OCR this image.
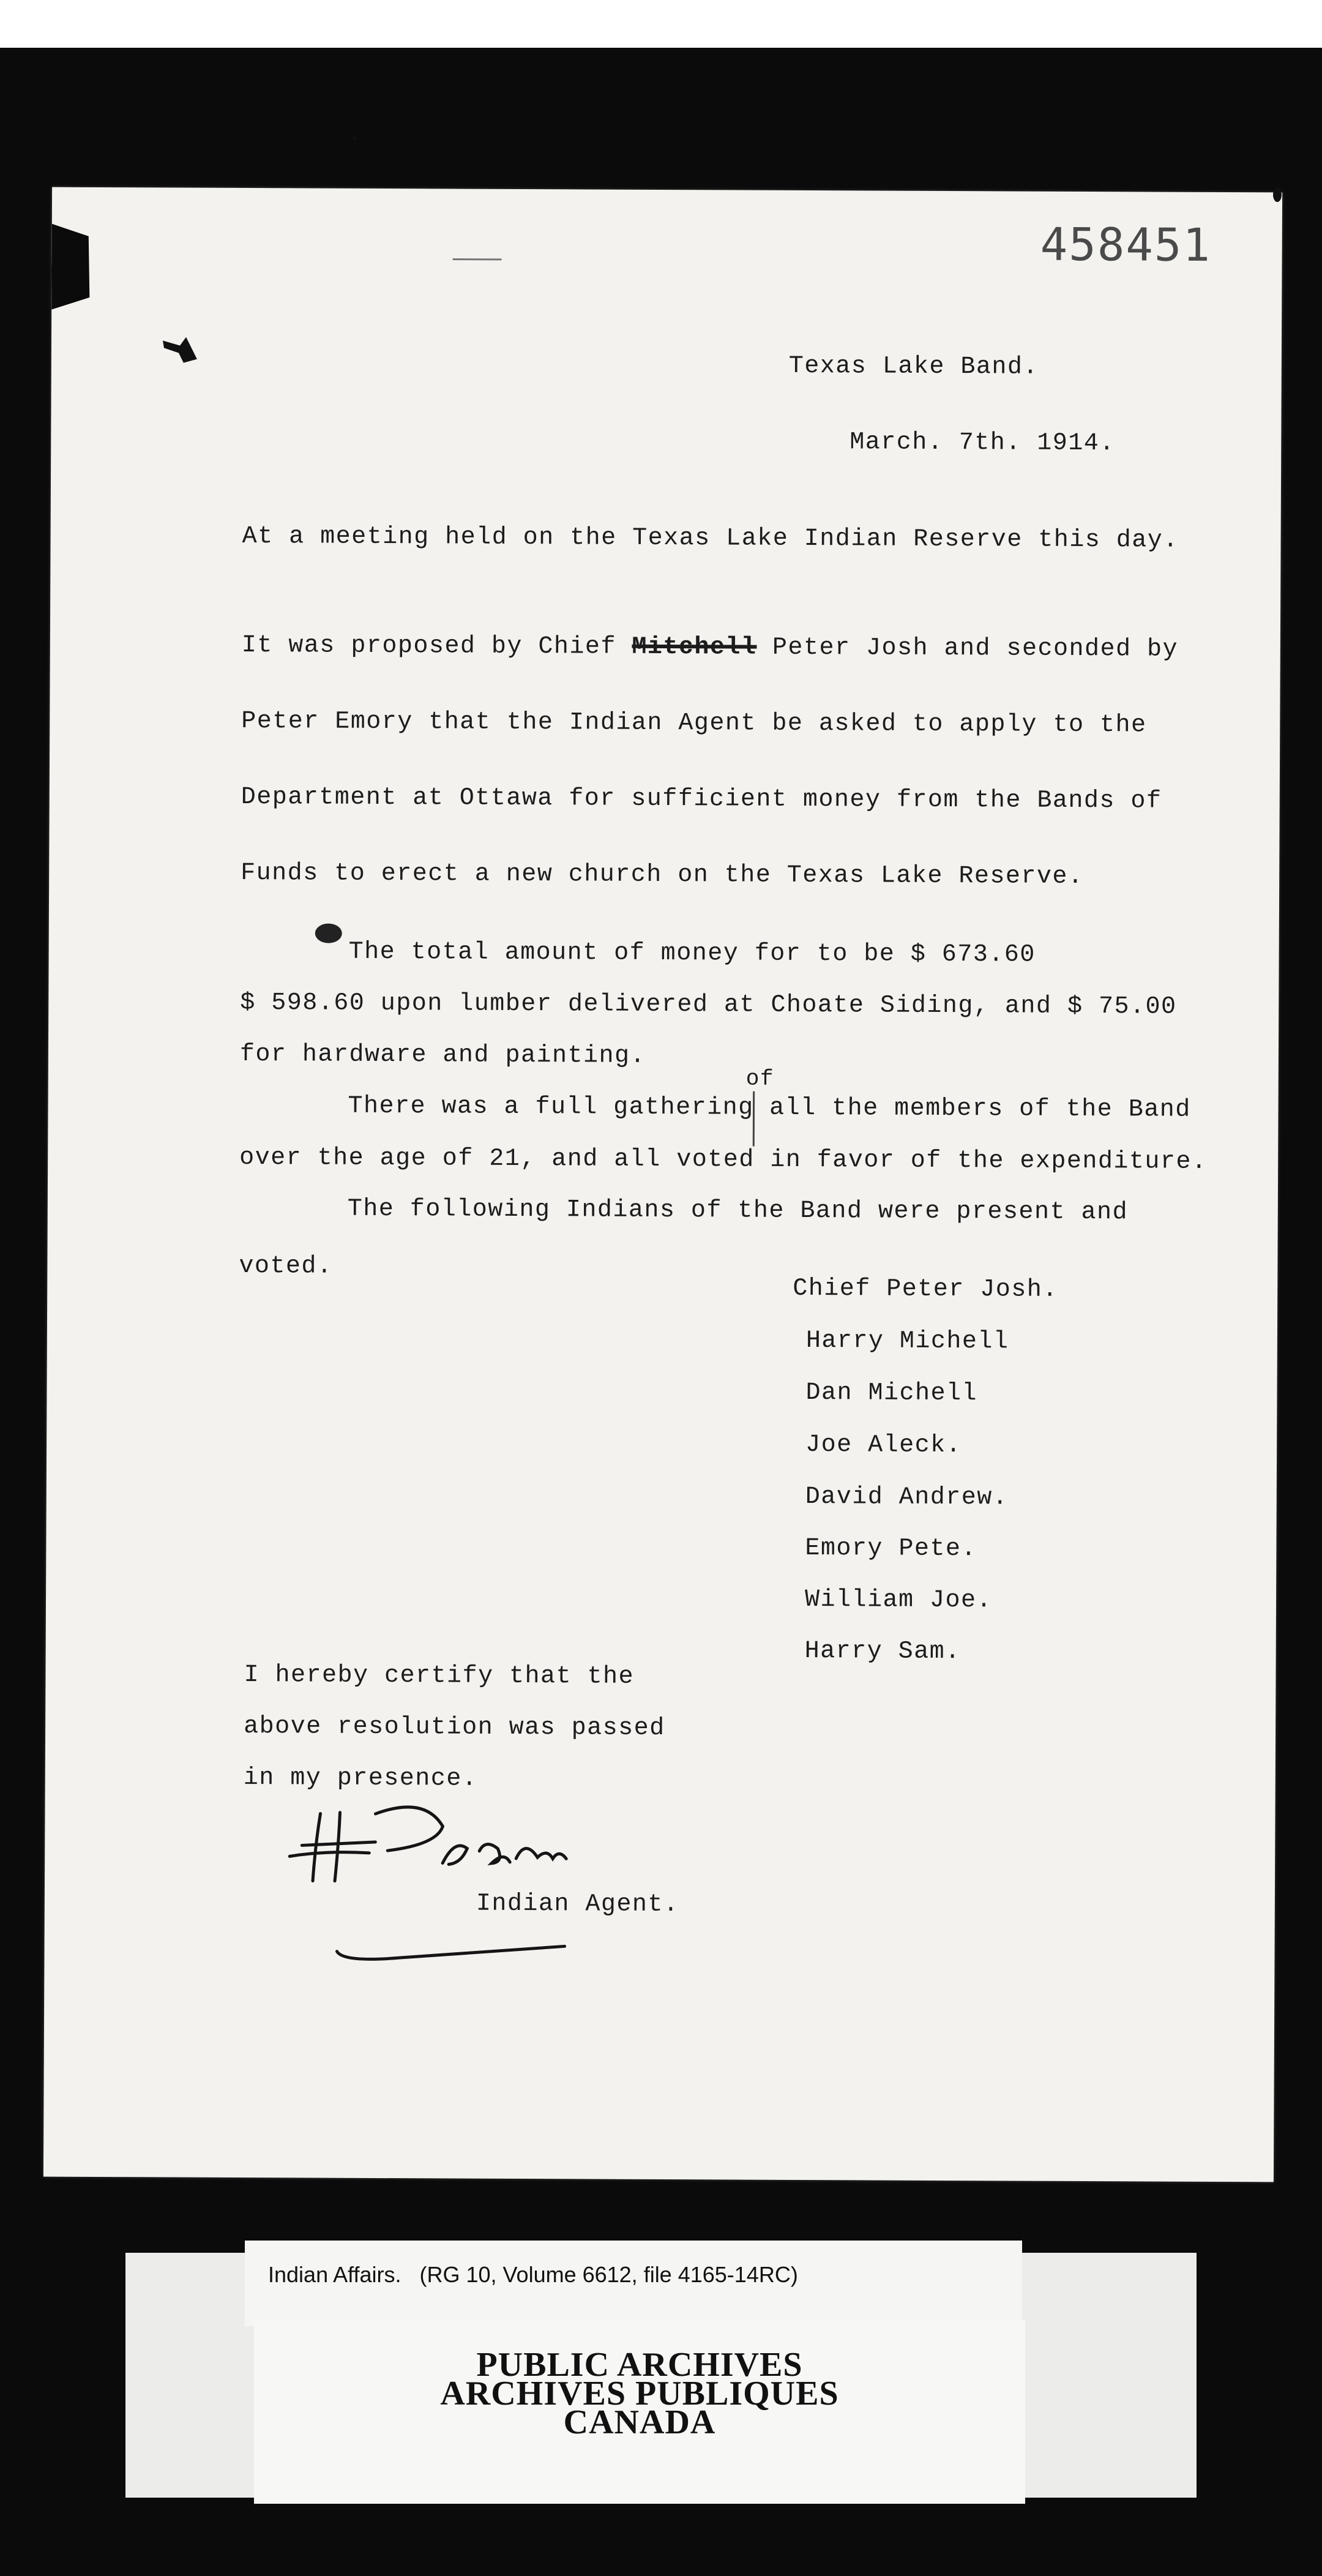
458451
Texas Lake Band.
March. 7th. 1914.
At a meeting held on the Texas Lake Indian Reserve this day.
It was proposed by Chief Mitchell Peter Josh and seconded by
Peter Emory that the Indian Agent be asked to apply to the
Department at Ottawa for sufficient money from the Bands of
Funds to erect a new church on the Texas Lake Reserve.
The total amount of money for to be $ 673.60
$ 598.60 upon lumber delivered at Choate Siding, and $ 75.00
for hardware and painting.
of
There was a full gathering all the members of the Band
over the age of 21, and all voted in favor of the expenditure.
The following Indians of the Band were present and
voted.
Chief Peter Josh.
Harry Michell
Dan Michell
Joe Aleck.
David Andrew.
Emory Pete.
William Joe.
Harry Sam.
I hereby certify that the
above resolution was passed
in my presence.
Indian Agent.
Indian Affairs.   (RG 10, Volume 6612, file 4165-14RC)
PUBLIC ARCHIVES
ARCHIVES PUBLIQUES
CANADA
